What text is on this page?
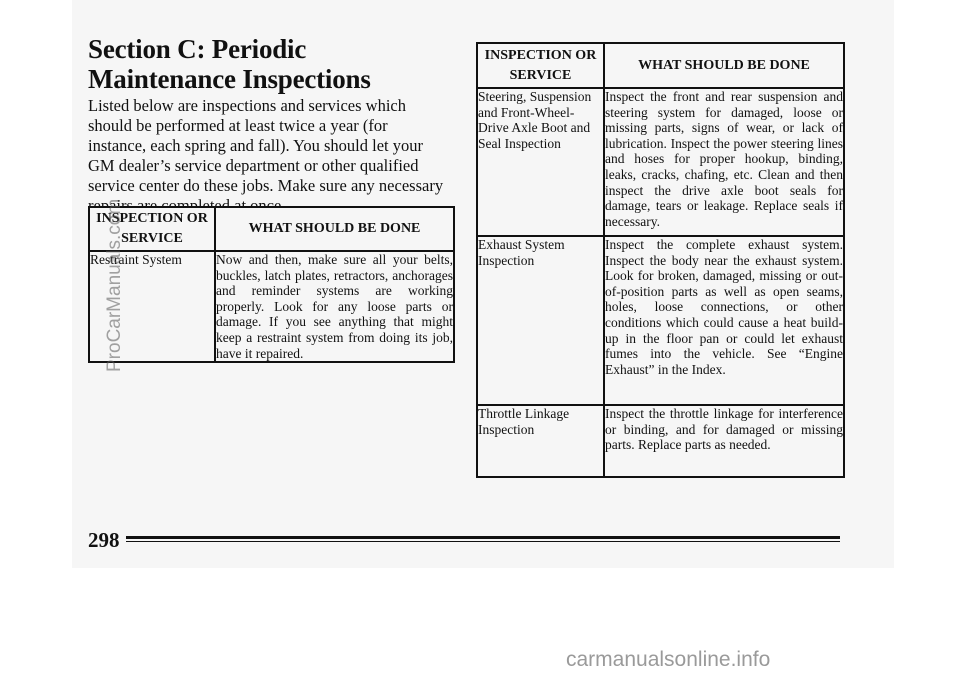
Section C: Periodic Maintenance Inspections

Listed below are inspections and services which should be performed at least twice a year (for instance, each spring and fall). You should let your GM dealer’s service department or other qualified service center do these jobs. Make sure any necessary

INSPECTION OR SERVICE	WHAT SHOULD BE DONE
Restraint System	Now and then, make sure all your belts, buckles, latch plates, retractors, anchorages and reminder systems are working properly. Look for any loose parts or damage. If you see anything that might keep a restraint system from doing its job, have it repaired.
INSPECTION OR SERVICE	WHAT SHOULD BE DONE
Steering, Suspension and Front-Wheel-Drive Axle Boot and Seal Inspection	Inspect the front and rear suspension and steering system for damaged, loose or missing parts, signs of wear, or lack of lubrication. Inspect the power steering lines and hoses for proper hookup, binding, leaks, cracks, chafing, etc. Clean and then inspect the drive axle boot seals for damage, tears or leakage. Replace seals if necessary.
Exhaust System Inspection	Inspect the complete exhaust system. Inspect the body near the exhaust system. Look for broken, damaged, missing or out-of-position parts as well as open seams, holes, loose connections, or other conditions which could cause a heat build-up in the floor pan or could let exhaust fumes into the vehicle. See “Engine Exhaust” in the Index.
Throttle Linkage Inspection	Inspect the throttle linkage for interference or binding, and for damaged or missing parts. Replace parts as needed.
298
ProCarManuals.com
carmanualsonline.info
